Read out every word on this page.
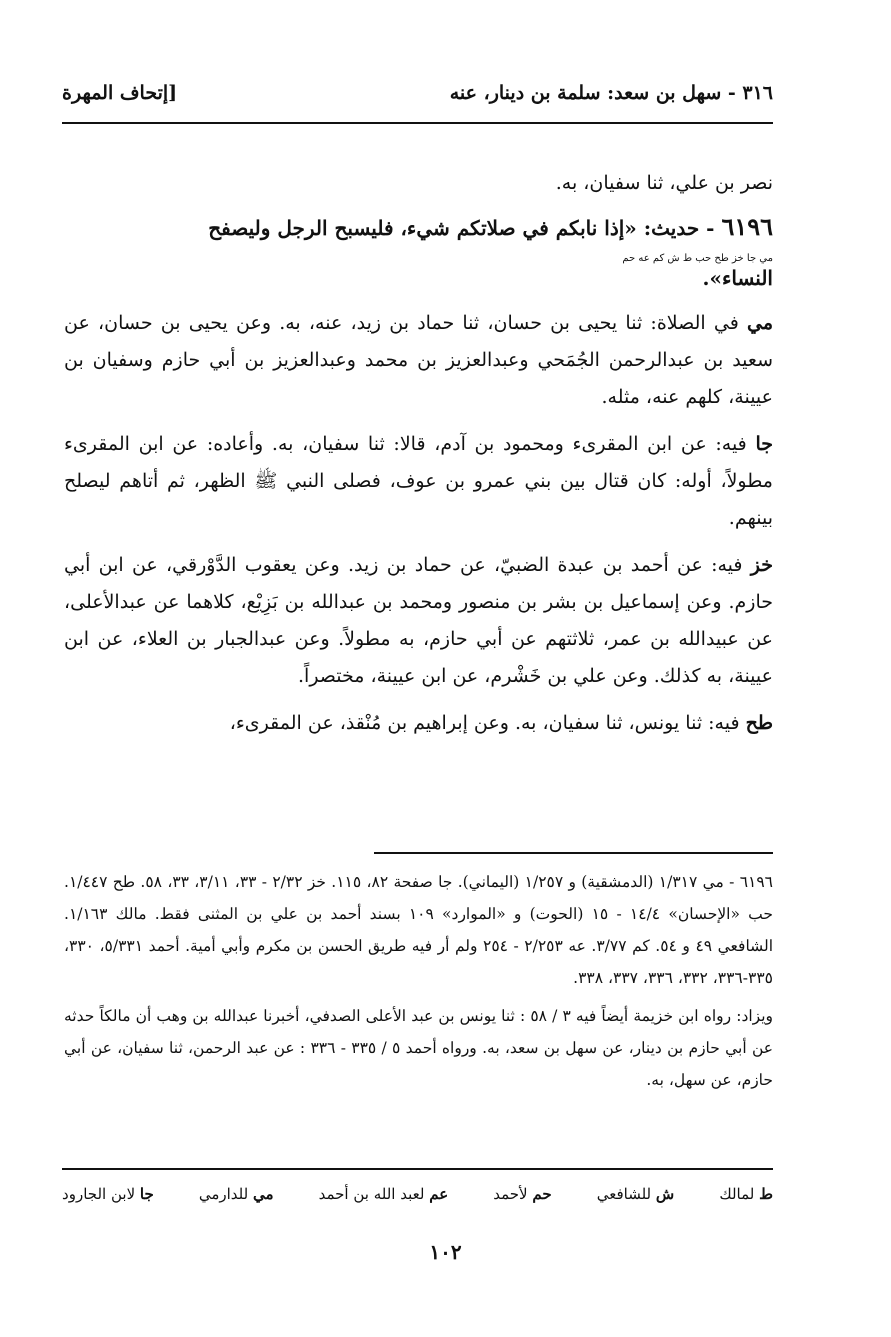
٣١٦ - سهل بن سعد: سلمة بن دينار، عنه
[إتحاف المهرة

نصر بن علي، ثنا سفيان، به.

٦١٩٦ - حديث: «إذا نابكم في صلاتكم شيء، فليسبح الرجل وليصفح

مي جا خز طح حب ط ش كم عه حم

النساء».

مي في الصلاة: ثنا يحيى بن حسان، ثنا حماد بن زيد، عنه، به. وعن يحيى بن حسان، عن سعيد بن عبدالرحمن الجُمَحي وعبدالعزيز بن محمد وعبدالعزيز بن أبي حازم وسفيان بن عيينة، كلهم عنه، مثله.

جا فيه: عن ابن المقرىء ومحمود بن آدم، قالا: ثنا سفيان، به. وأعاده: عن ابن المقرىء مطولاً، أوله: كان قتال بين بني عمرو بن عوف، فصلى النبي ﷺ الظهر، ثم أتاهم ليصلح بينهم.

خز فيه: عن أحمد بن عبدة الضبيّ، عن حماد بن زيد. وعن يعقوب الدَّوْرقي، عن ابن أبي حازم. وعن إسماعيل بن بشر بن منصور ومحمد بن عبدالله بن بَزِيْع، كلاهما عن عبدالأعلى، عن عبيدالله بن عمر، ثلاثتهم عن أبي حازم، به مطولاً. وعن عبدالجبار بن العلاء، عن ابن عيينة، به كذلك. وعن علي بن خَشْرم، عن ابن عيينة، مختصراً.

طح فيه: ثنا يونس، ثنا سفيان، به. وعن إبراهيم بن مُنْقذ، عن المقرىء،

٦١٩٦ - مي ١/٣١٧ (الدمشقية) و ١/٢٥٧ (اليماني). جا صفحة ٨٢، ١١٥. خز ٢/٣٢ - ٣٣، ٣/١١، ٣٣، ٥٨. طح ١/٤٤٧. حب «الإحسان» ١٤/٤ - ١٥ (الحوت) و «الموارد» ١٠٩ بسند أحمد بن علي بن المثنى فقط. مالك ١/١٦٣. الشافعي ٤٩ و ٥٤. كم ٣/٧٧. عه ٢/٢٥٣ - ٢٥٤ ولم أر فيه طريق الحسن بن مكرم وأبي أمية. أحمد ٥/٣٣١، ٣٣٠، ٣٣٥-٣٣٦، ٣٣٢، ٣٣٦، ٣٣٧، ٣٣٨.

ويزاد: رواه ابن خزيمة أيضاً فيه ٣ / ٥٨ : ثنا يونس بن عبد الأعلى الصدفي، أخبرنا عبدالله بن وهب أن مالكاً حدثه عن أبي حازم بن دينار، عن سهل بن سعد، به. ورواه أحمد ٥ / ٣٣٥ - ٣٣٦ : عن عبد الرحمن، ثنا سفيان، عن أبي حازم، عن سهل، به.

ط لمالك
ش للشافعي
حم لأحمد
عم لعبد الله بن أحمد
مي للدارمي
جا لابن الجارود
١٠٢
